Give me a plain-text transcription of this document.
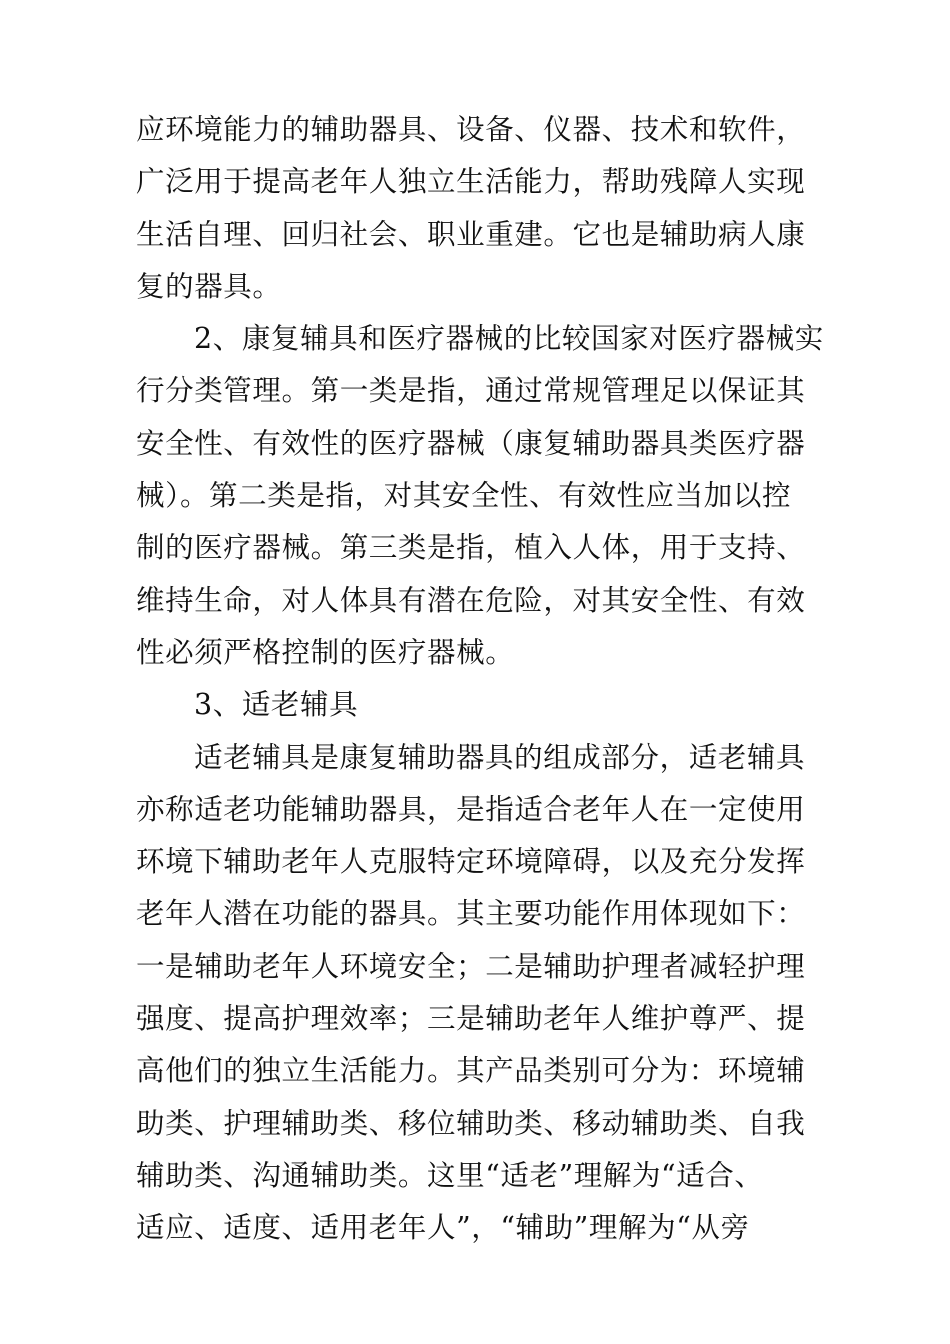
应环境能力的辅助器具、设备、仪器、技术和软件，
广泛用于提高老年人独立生活能力，帮助残障人实现
生活自理、回归社会、职业重建。它也是辅助病人康
复的器具。
2、康复辅具和医疗器械的比较国家对医疗器械实
行分类管理。第一类是指，通过常规管理足以保证其
安全性、有效性的医疗器械（康复辅助器具类医疗器
械）。第二类是指，对其安全性、有效性应当加以控
制的医疗器械。第三类是指，植入人体，用于支持、
维持生命，对人体具有潜在危险，对其安全性、有效
性必须严格控制的医疗器械。
3、适老辅具
适老辅具是康复辅助器具的组成部分，适老辅具
亦称适老功能辅助器具，是指适合老年人在一定使用
环境下辅助老年人克服特定环境障碍，以及充分发挥
老年人潜在功能的器具。其主要功能作用体现如下：
一是辅助老年人环境安全；二是辅助护理者减轻护理
强度、提高护理效率；三是辅助老年人维护尊严、提
高他们的独立生活能力。其产品类别可分为：环境辅
助类、护理辅助类、移位辅助类、移动辅助类、自我
辅助类、沟通辅助类。这里“适老”理解为“适合、
适应、适度、适用老年人”，“辅助”理解为“从旁
